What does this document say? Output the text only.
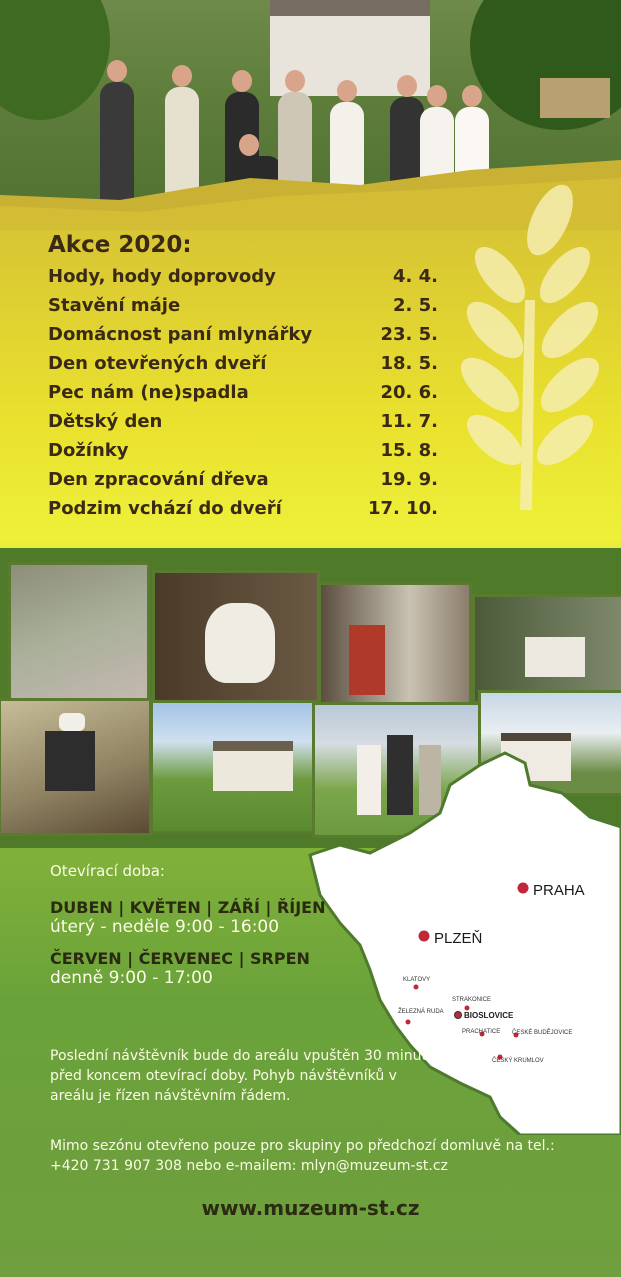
Akce 2020:
Hody, hody doprovody	4. 4.
Stavění máje	2. 5.
Domácnost paní mlynářky	23. 5.
Den otevřených dveří	18. 5.
Pec nám (ne)spadla	20. 6.
Dětský den	11. 7.
Dožínky	15. 8.
Den zpracování dřeva	19. 9.
Podzim vchází do dveří	17. 10.
PRAHA
PLZEŇ
KLATOVY
ŽELEZNÁ RUDA
STRAKONICE
BIOSLOVICE
PRACHATICE ČESKÉ BUDĚJOVICE
ČESKÝ KRUMLOV
Otevírací doba:
DUBEN | KVĚTEN | ZÁŘÍ | ŘÍJEN
úterý - neděle 9:00 - 16:00
ČERVEN | ČERVENEC | SRPEN
denně 9:00 - 17:00
Poslední návštěvník bude do areálu vpuštěn 30 minut před koncem otevírací doby. Pohyb návštěvníků v areálu je řízen návštěvním řádem.
Mimo sezónu otevřeno pouze pro skupiny po předchozí domluvě na tel.: +420 731 907 308 nebo e-mailem: mlyn@muzeum-st.cz
www.muzeum-st.cz
